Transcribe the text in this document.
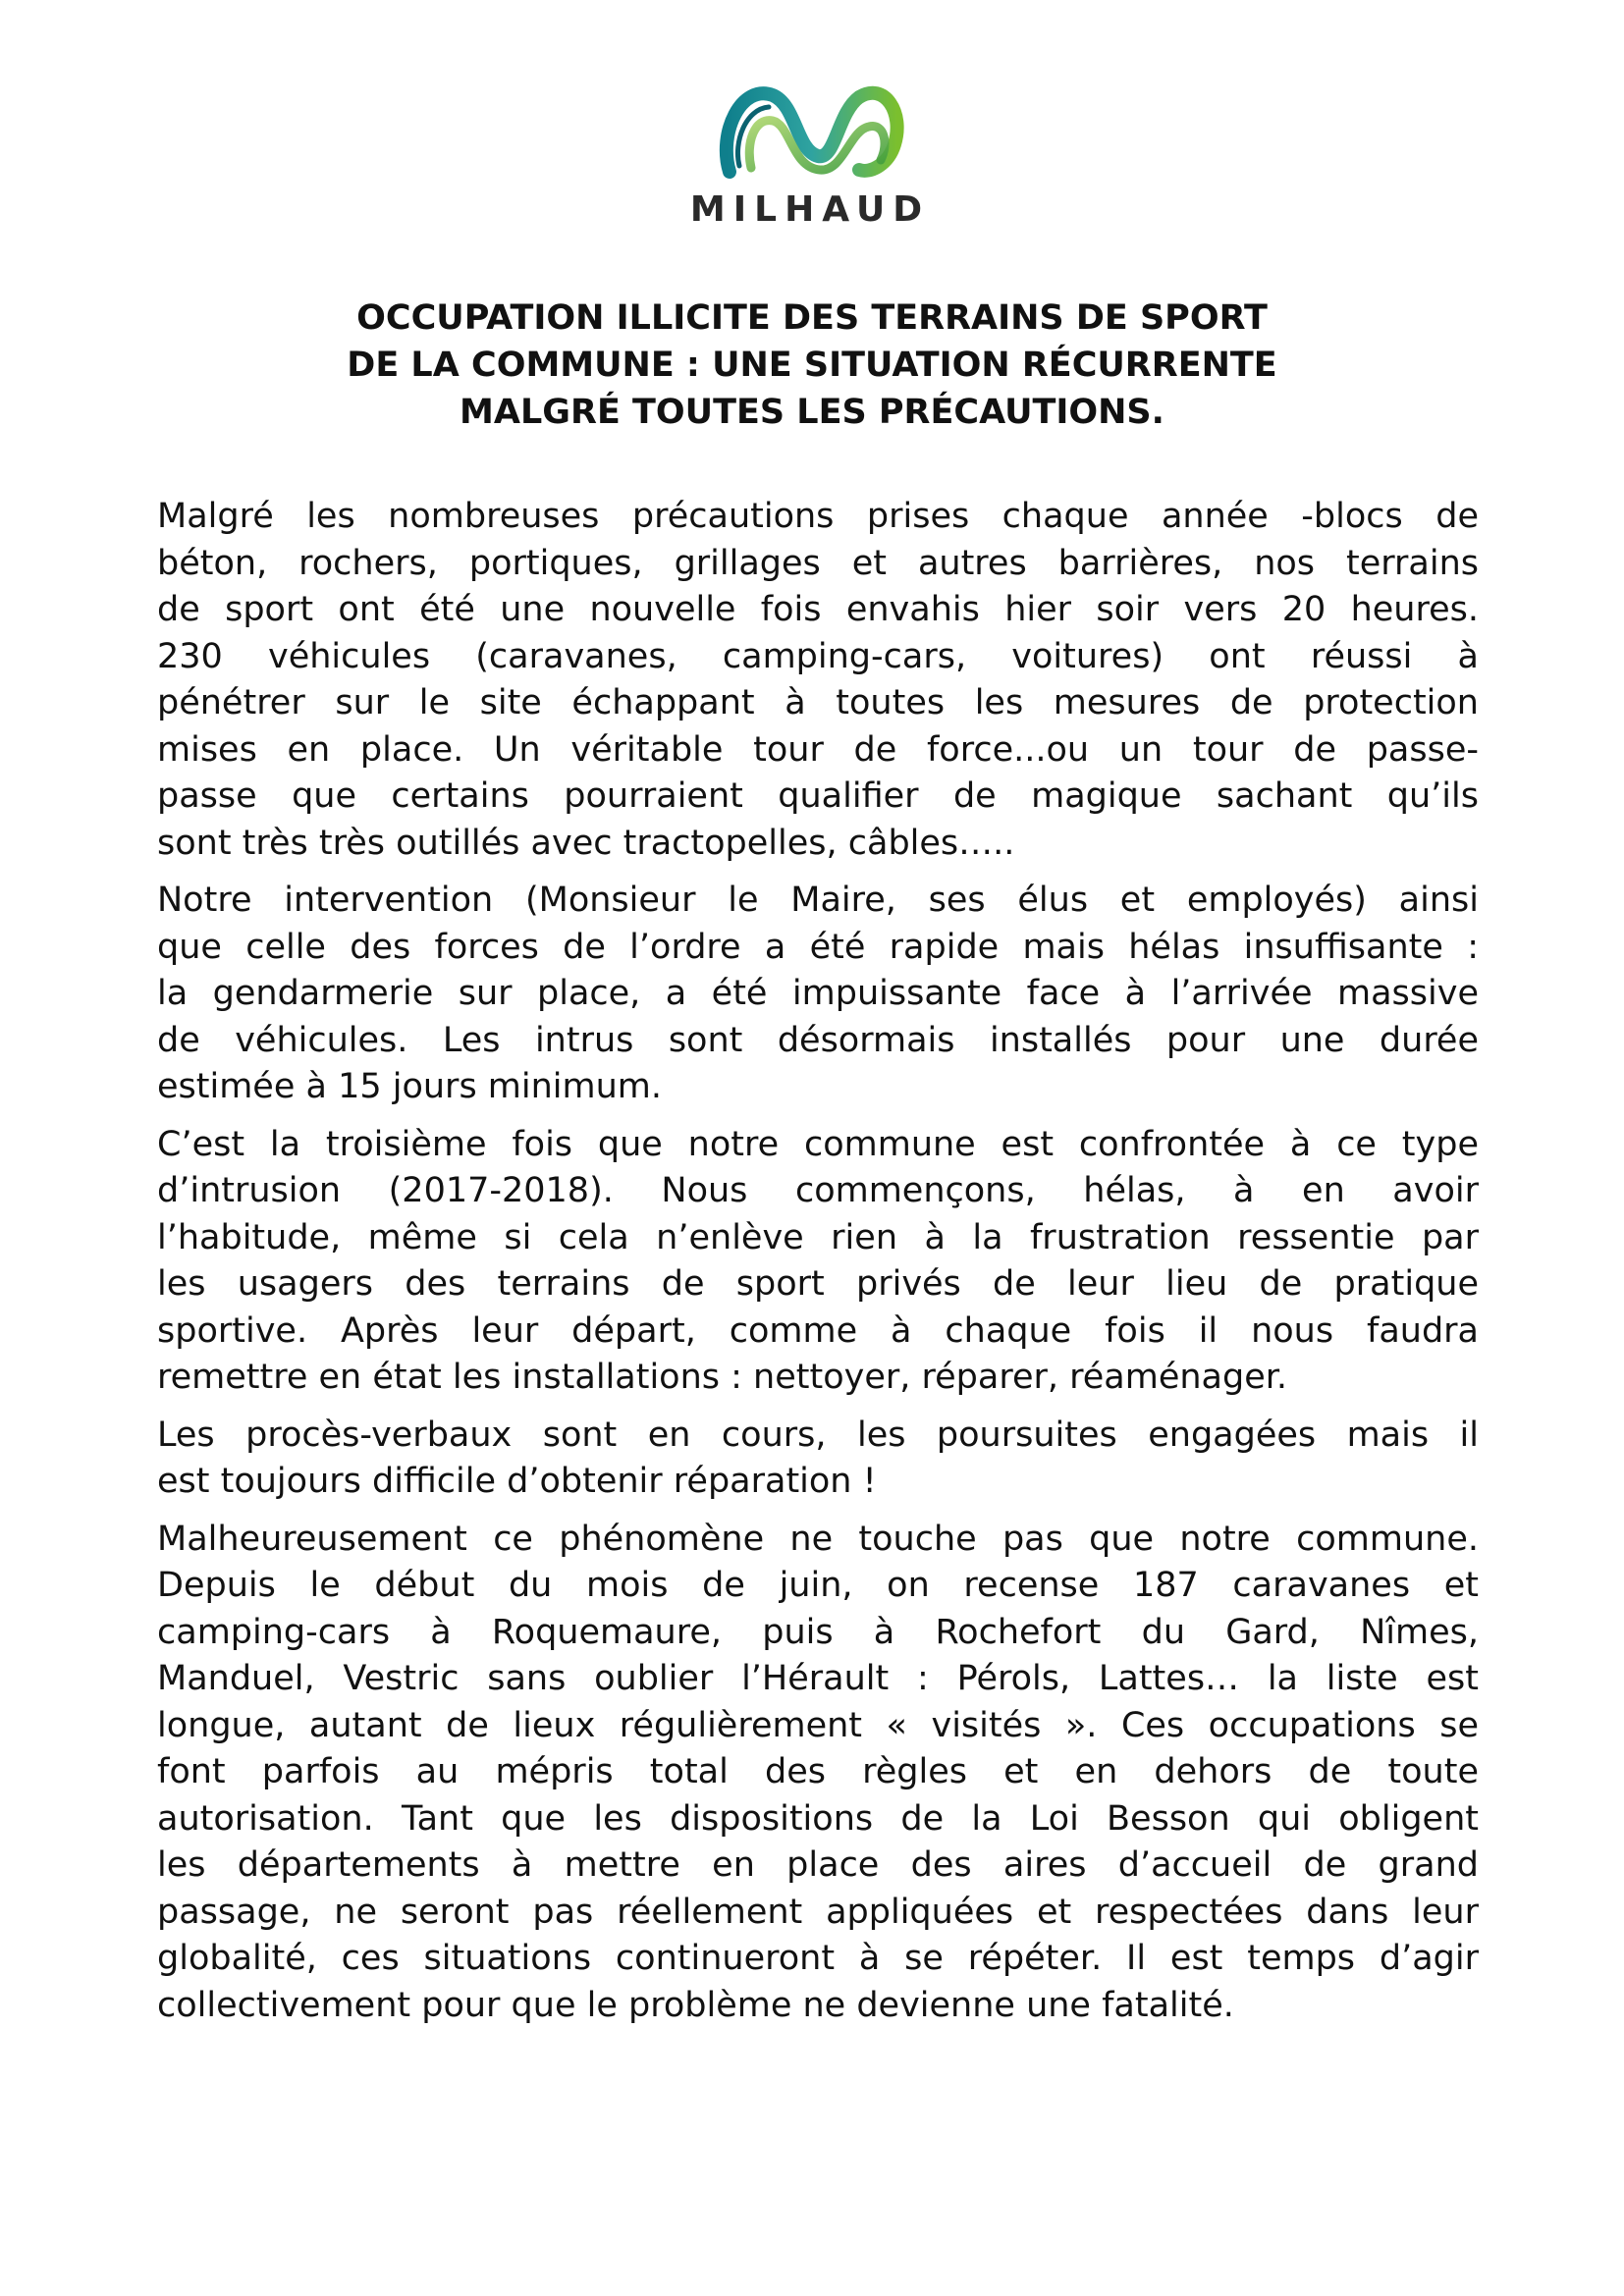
MILHAUD
OCCUPATION ILLICITE DES TERRAINS DE SPORT
DE LA COMMUNE : UNE SITUATION RÉCURRENTE
MALGRÉ TOUTES LES PRÉCAUTIONS.
Malgré les nombreuses précautions prises chaque année -blocs de
béton, rochers, portiques, grillages et autres barrières, nos terrains
de sport ont été une nouvelle fois envahis hier soir vers 20 heures.
230 véhicules (caravanes, camping-cars, voitures) ont réussi à
pénétrer sur le site échappant à toutes les mesures de protection
mises en place. Un véritable tour de force...ou un tour de passe-
passe que certains pourraient qualifier de magique sachant qu’ils
sont très très outillés avec tractopelles, câbles…..
Notre intervention (Monsieur le Maire, ses élus et employés) ainsi
que celle des forces de l’ordre a été rapide mais hélas insuffisante :
la gendarmerie sur place, a été impuissante face à l’arrivée massive
de véhicules. Les intrus sont désormais installés pour une durée
estimée à 15 jours minimum.
C’est la troisième fois que notre commune est confrontée à ce type
d’intrusion (2017-2018). Nous commençons, hélas, à en avoir
l’habitude, même si cela n’enlève rien à la frustration ressentie par
les usagers des terrains de sport privés de leur lieu de pratique
sportive. Après leur départ, comme à chaque fois il nous faudra
remettre en état les installations : nettoyer, réparer, réaménager.
Les procès-verbaux sont en cours, les poursuites engagées mais il
est toujours difficile d’obtenir réparation !
Malheureusement ce phénomène ne touche pas que notre commune.
Depuis le début du mois de juin, on recense 187 caravanes et
camping-cars à Roquemaure, puis à Rochefort du Gard, Nîmes,
Manduel, Vestric sans oublier l’Hérault : Pérols, Lattes… la liste est
longue, autant de lieux régulièrement « visités ». Ces occupations se
font parfois au mépris total des règles et en dehors de toute
autorisation. Tant que les dispositions de la Loi Besson qui obligent
les départements à mettre en place des aires d’accueil de grand
passage, ne seront pas réellement appliquées et respectées dans leur
globalité, ces situations continueront à se répéter. Il est temps d’agir
collectivement pour que le problème ne devienne une fatalité.
